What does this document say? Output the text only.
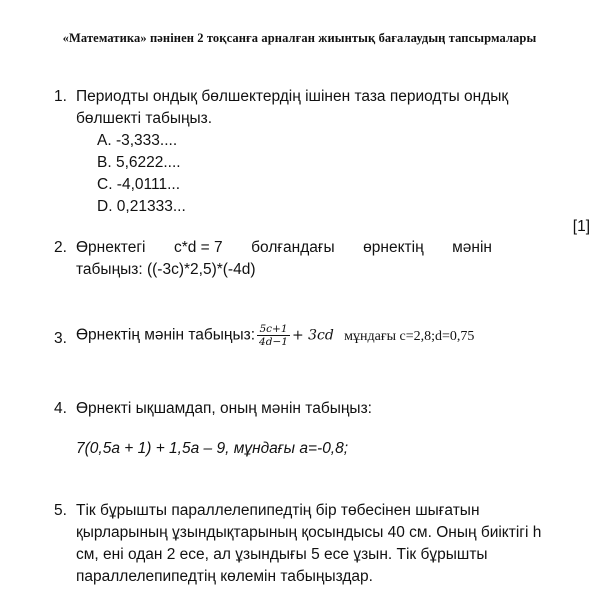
«Математика» пәнінен 2 тоқсанға арналған жиынтық бағалаудың тапсырмалары
1. Периодты ондық бөлшектердің ішінен таза периодты ондық
бөлшекті табыңыз.
A. -3,333....
B. 5,6222....
C. -4,0111...
D. 0,21333...
[1]
2. Өрнектегі c*d = 7 болғандағы өрнектің мәнін
табыңыз: ((-3c)*2,5)*(-4d)
3. Өрнектің мәнін табыңыз: $\frac{5c+1}{4d-1} + 3cd$ мұндағы c=2,8;d=0,75
4. Өрнекті ықшамдап, оның мәнін табыңыз:
7(0,5a + 1) + 1,5a – 9, мұндағы a=-0,8;
5. Тік бұрышты параллелепипедтің бір төбесінен шығатын
қырларының ұзындықтарының қосындысы 40 см. Оның биіктігі h
см, ені одан 2 есе, ал ұзындығы 5 есе ұзын. Тік бұрышты
параллелепипедтің көлемін табыңыздар.
